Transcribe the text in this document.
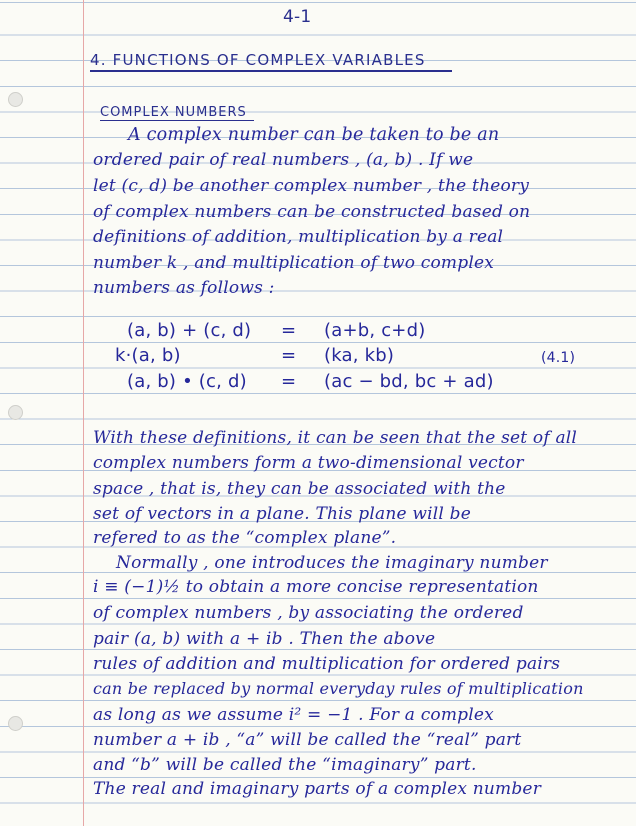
4-1
4. FUNCTIONS OF COMPLEX VARIABLES
COMPLEX NUMBERS
A complex number can be taken to be an
ordered pair of real numbers , (a, b) . If we
let (c, d) be another complex number , the theory
of complex numbers can be constructed based on
definitions of addition, multiplication by a real
number k , and multiplication of two complex
numbers as follows :
(a, b) + (c, d) = (a+b, c+d)
k·(a, b)	= (ka, kb)	(4.1)
(a, b) • (c, d) = (ac − bd, bc + ad)
With these definitions, it can be seen that the set of all
complex numbers form a two-dimensional vector
space , that is, they can be associated with the
set of vectors in a plane. This plane will be
refered to as the “complex plane”.
Normally , one introduces the imaginary number
i ≡ (−1)½ to obtain a more concise representation
of complex numbers , by associating the ordered
pair (a, b) with a + ib . Then the above
rules of addition and multiplication for ordered pairs
can be replaced by normal everyday rules of multiplication
as long as we assume i² = −1 . For a complex
number a + ib , “a” will be called the “real” part
and “b” will be called the “imaginary” part.
The real and imaginary parts of a complex number
